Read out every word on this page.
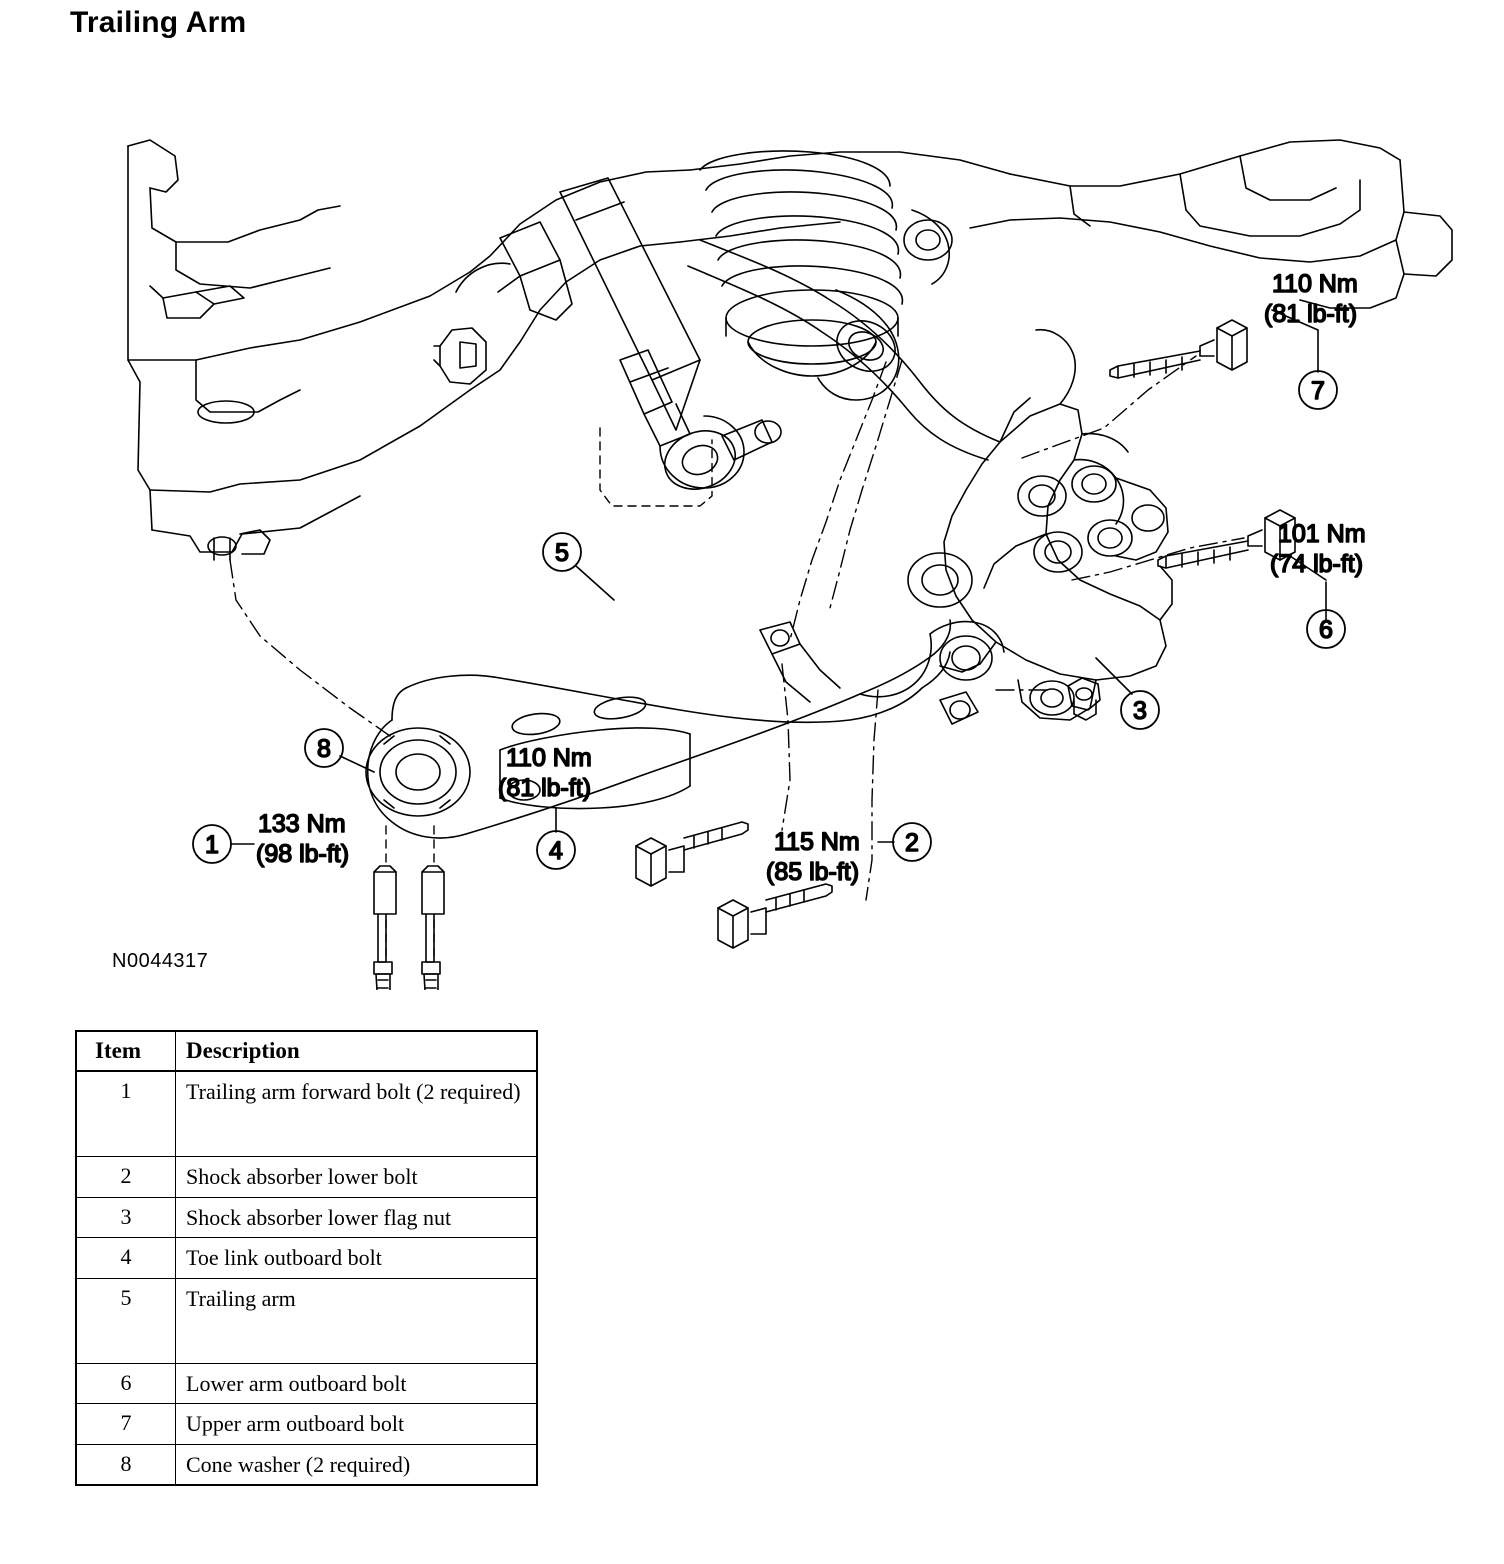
Trailing Arm
7
110 Nm
(81 lb-ft)
6
101 Nm
(74 lb-ft)
5
3
8
1
133 Nm
(98 lb-ft)
110 Nm
(81 lb-ft)
4	115 Nm
(85 lb-ft)
2
N0044317
Item	Description
1	Trailing arm forward bolt (2 required)
2	Shock absorber lower bolt
3	Shock absorber lower flag nut
4	Toe link outboard bolt
5	Trailing arm
6	Lower arm outboard bolt
7	Upper arm outboard bolt
8	Cone washer (2 required)
